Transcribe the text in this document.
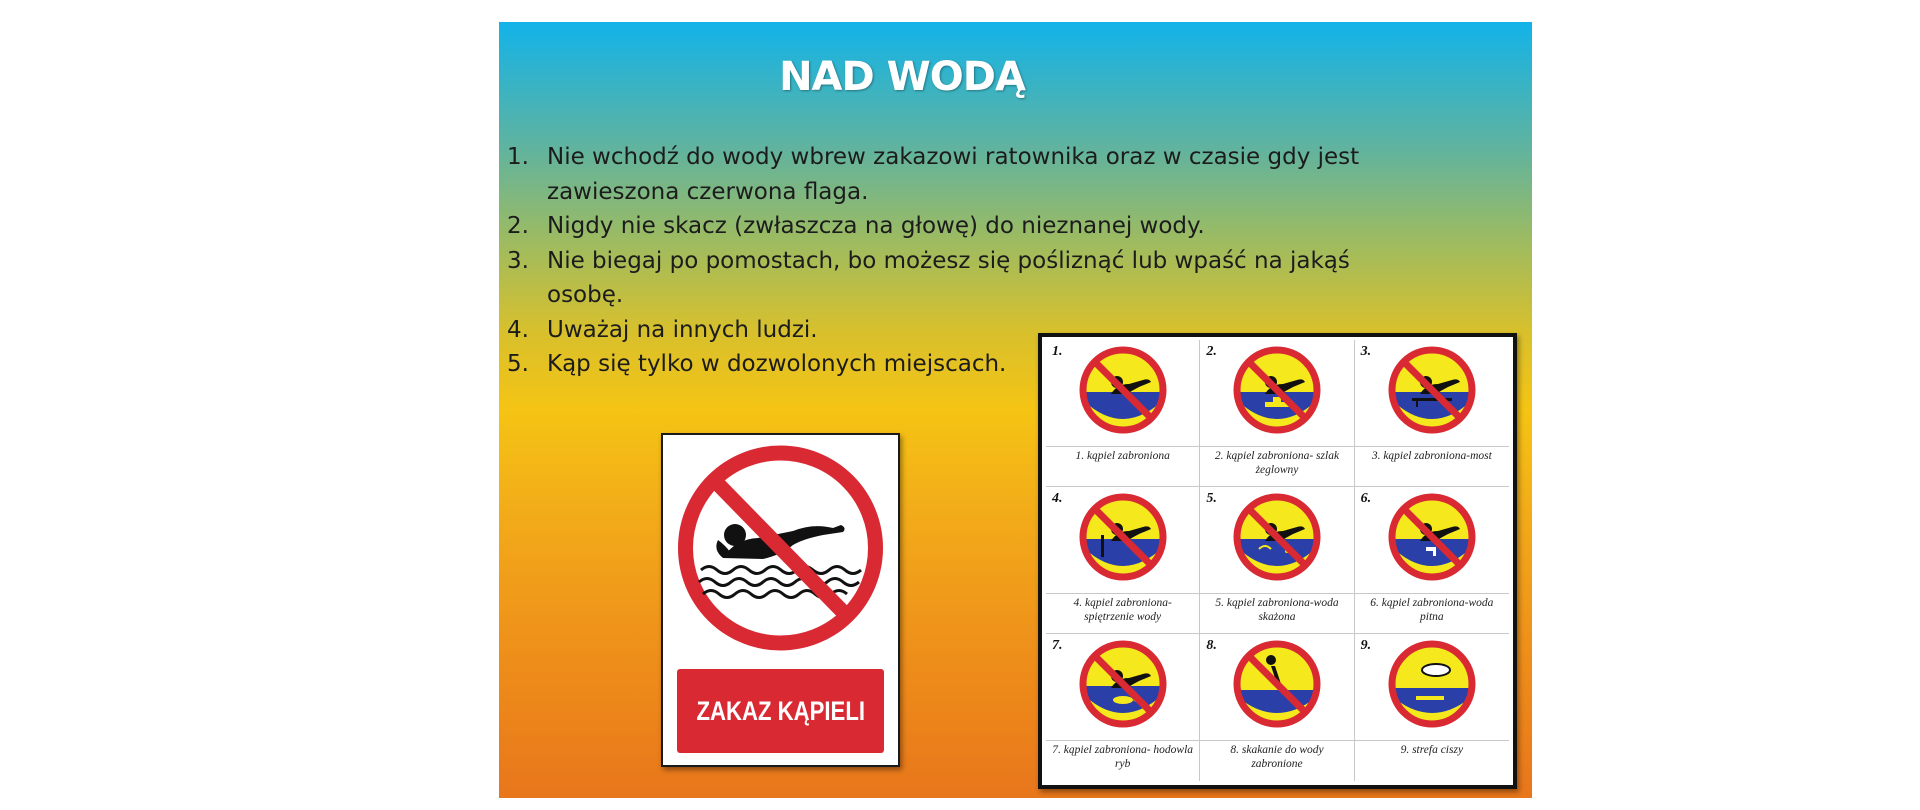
NAD WODĄ
1. Nie wchodź do wody wbrew zakazowi ratownika oraz w czasie gdy jest zawieszona czerwona flaga.
2. Nigdy nie skacz (zwłaszcza na głowę) do nieznanej wody.
3. Nie biegaj po pomostach, bo możesz się pośliznąć lub wpaść na jakąś osobę.
4. Uważaj na innych ludzi.
5. Kąp się tylko w dozwolonych miejscach.
ZAKAZ KĄPIELI
1.
1. kąpiel zabroniona
2.
2. kąpiel zabroniona- szlak żeglowny
3.
3. kąpiel zabroniona-most
4.
4. kąpiel zabroniona- spiętrzenie wody
5.
5. kąpiel zabroniona-woda skażona
6.
6. kąpiel zabroniona-woda pitna
7.
7. kąpiel zabroniona- hodowla ryb
8.
8. skakanie do wody zabronione
9.
9. strefa ciszy
